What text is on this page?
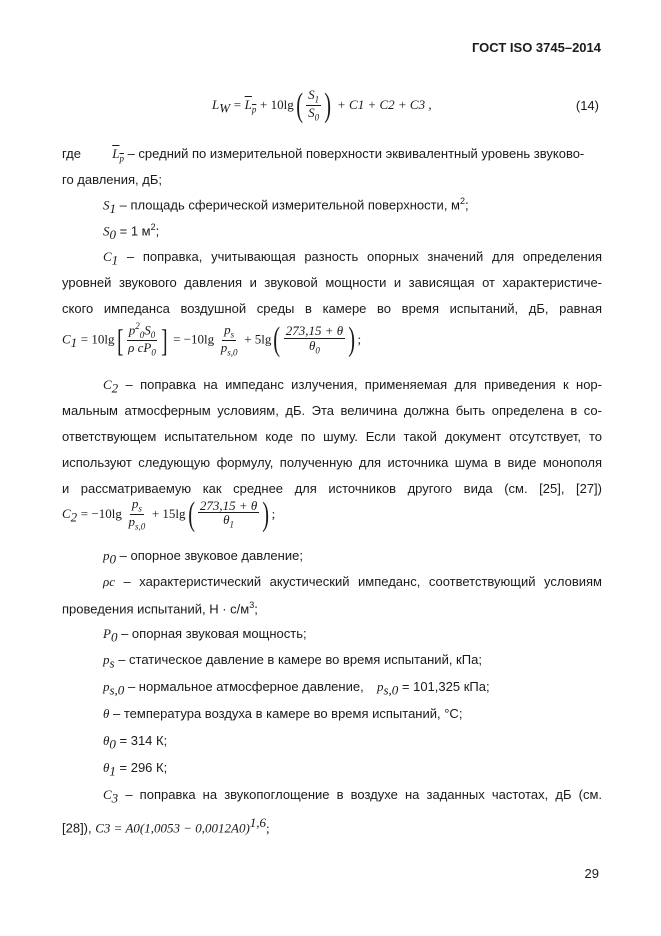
ГОСТ ISO 3745–2014
$L_W = L_p + 10\lg( \frac{S_1}{S_0}$ ) + C1 + C2 + C3 ,	(14)
где $L_p$ – средний по измерительной поверхности эквивалентный уровень звуково-
го давления, дБ;
$S_1$ – площадь сферической измерительной поверхности, $м^2$;
$S_0 = 1$ $м^2$;
$C_1$ – поправка, учитывающая разность опорных значений для определения
уровней звукового давления и звуковой мощности и зависящая от характеристиче-
ского импеданса воздушной среды в камере во время испытаний, дБ, равная
$C_1 = 10\lg[ \frac{p^2_0S_0}{\rho cP_0}$ ] = $-10\lg \frac{p_s}{p_{s,0}} + 5\lg( \frac{273,15 + \theta}{\theta_0}$ ) ;
$C_2$ – поправка на импеданс излучения, применяемая для приведения к нор-
мальным атмосферным условиям, дБ. Эта величина должна быть определена в со-
ответствующем испытательном коде по шуму. Если такой документ отсутствует, то
используют следующую формулу, полученную для источника шума в виде монополя
и рассматриваемую как среднее для источников другого вида (см. [25], [27])
$C_2 = -10\lg \frac{p_s}{p_{s,0}} + 15\lg( \frac{273,15 + \theta}{\theta_1}$ ) ;
$p_0$ – опорное звуковое давление;
ρc – характеристический акустический импеданс, соответствующий условиям
проведения испытаний, $Н \cdot с/м^3$;
$P_0$ – опорная звуковая мощность;
$p_s$ – статическое давление в камере во время испытаний, кПа;
$p_{s,0}$ – нормальное атмосферное давление, $p_{s,0} = 101,325$ кПа;
θ – температура воздуха в камере во время испытаний, °С;
$\theta_0 = 314$ К;
$\theta_1 = 296$ К;
$C_3$ – поправка на звукопоглощение в воздухе на заданных частотах, дБ (см.
[28]), $C3 = A0(1,0053 - 0,0012A0)^{1,6}$;
29
